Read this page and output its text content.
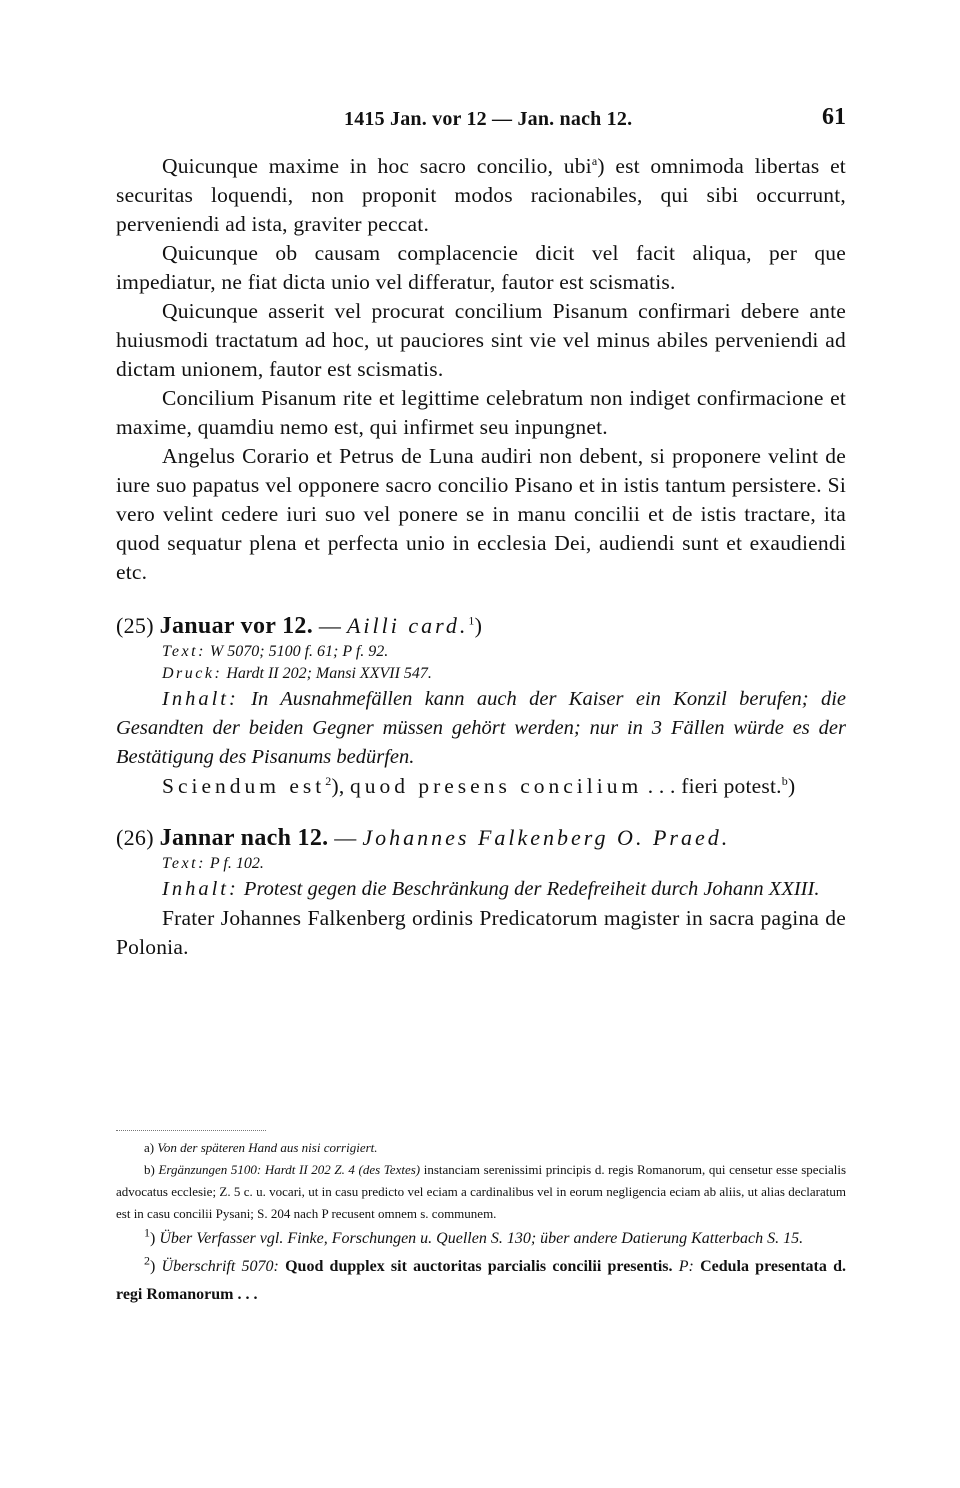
1415 Jan. vor 12 — Jan. nach 12.	61

Quicunque maxime in hoc sacro concilio, ubi$^a$) est omnimoda libertas et securitas loquendi, non proponit modos racionabiles, qui sibi occurrunt, perveniendi ad ista, graviter peccat.

Quicunque ob causam complacencie dicit vel facit aliqua, per que impediatur, ne fiat dicta unio vel differatur, fautor est scismatis.

Quicunque asserit vel procurat concilium Pisanum confirmari debere ante huiusmodi tractatum ad hoc, ut pauciores sint vie vel minus abiles perveniendi ad dictam unionem, fautor est scismatis.

Concilium Pisanum rite et legittime celebratum non indiget confirmacione et maxime, quamdiu nemo est, qui infirmet seu inpungnet.

Angelus Corario et Petrus de Luna audiri non debent, si proponere velint de iure suo papatus vel opponere sacro concilio Pisano et in istis tantum persistere. Si vero velint cedere iuri suo vel ponere se in manu concilii et de istis tractare, ita quod sequatur plena et perfecta unio in ecclesia Dei, audiendi sunt et exaudiendi etc.

(25) Januar vor 12. — Ailli card.$^1$)

Text: W 5070; 5100 f. 61; P f. 92.

Druck: Hardt II 202; Mansi XXVII 547.

Inhalt: In Ausnahmefällen kann auch der Kaiser ein Konzil berufen; die Gesandten der beiden Gegner müssen gehört werden; nur in 3 Fällen würde es der Bestätigung des Pisanums bedürfen.

Sciendum est$^2$), quod presens concilium . . . fieri potest.$^b$)

(26) Jannar nach 12. — Johannes Falkenberg O. Praed.

Text: P f. 102.

Inhalt: Protest gegen die Beschränkung der Redefreiheit durch Johann XXIII.

Frater Johannes Falkenberg ordinis Predicatorum magister in sacra pagina de Polonia.

a) Von der späteren Hand aus nisi corrigiert.

b) Ergänzungen 5100: Hardt II 202 Z. 4 (des Textes) instanciam serenissimi principis d. regis Romanorum, qui censetur esse specialis advocatus ecclesie; Z. 5 c. u. vocari, ut in casu predicto vel eciam a cardinalibus vel in eorum negligencia eciam ab aliis, ut alias declaratum est in casu concilii Pysani; S. 204 nach P recusent omnem s. communem.

$^1$) Über Verfasser vgl. Finke, Forschungen u. Quellen S. 130; über andere Datierung Katterbach S. 15.

$^2$) Überschrift 5070: Quod dupplex sit auctoritas parcialis concilii presentis. P: Cedula presentata d. regi Romanorum . . .
